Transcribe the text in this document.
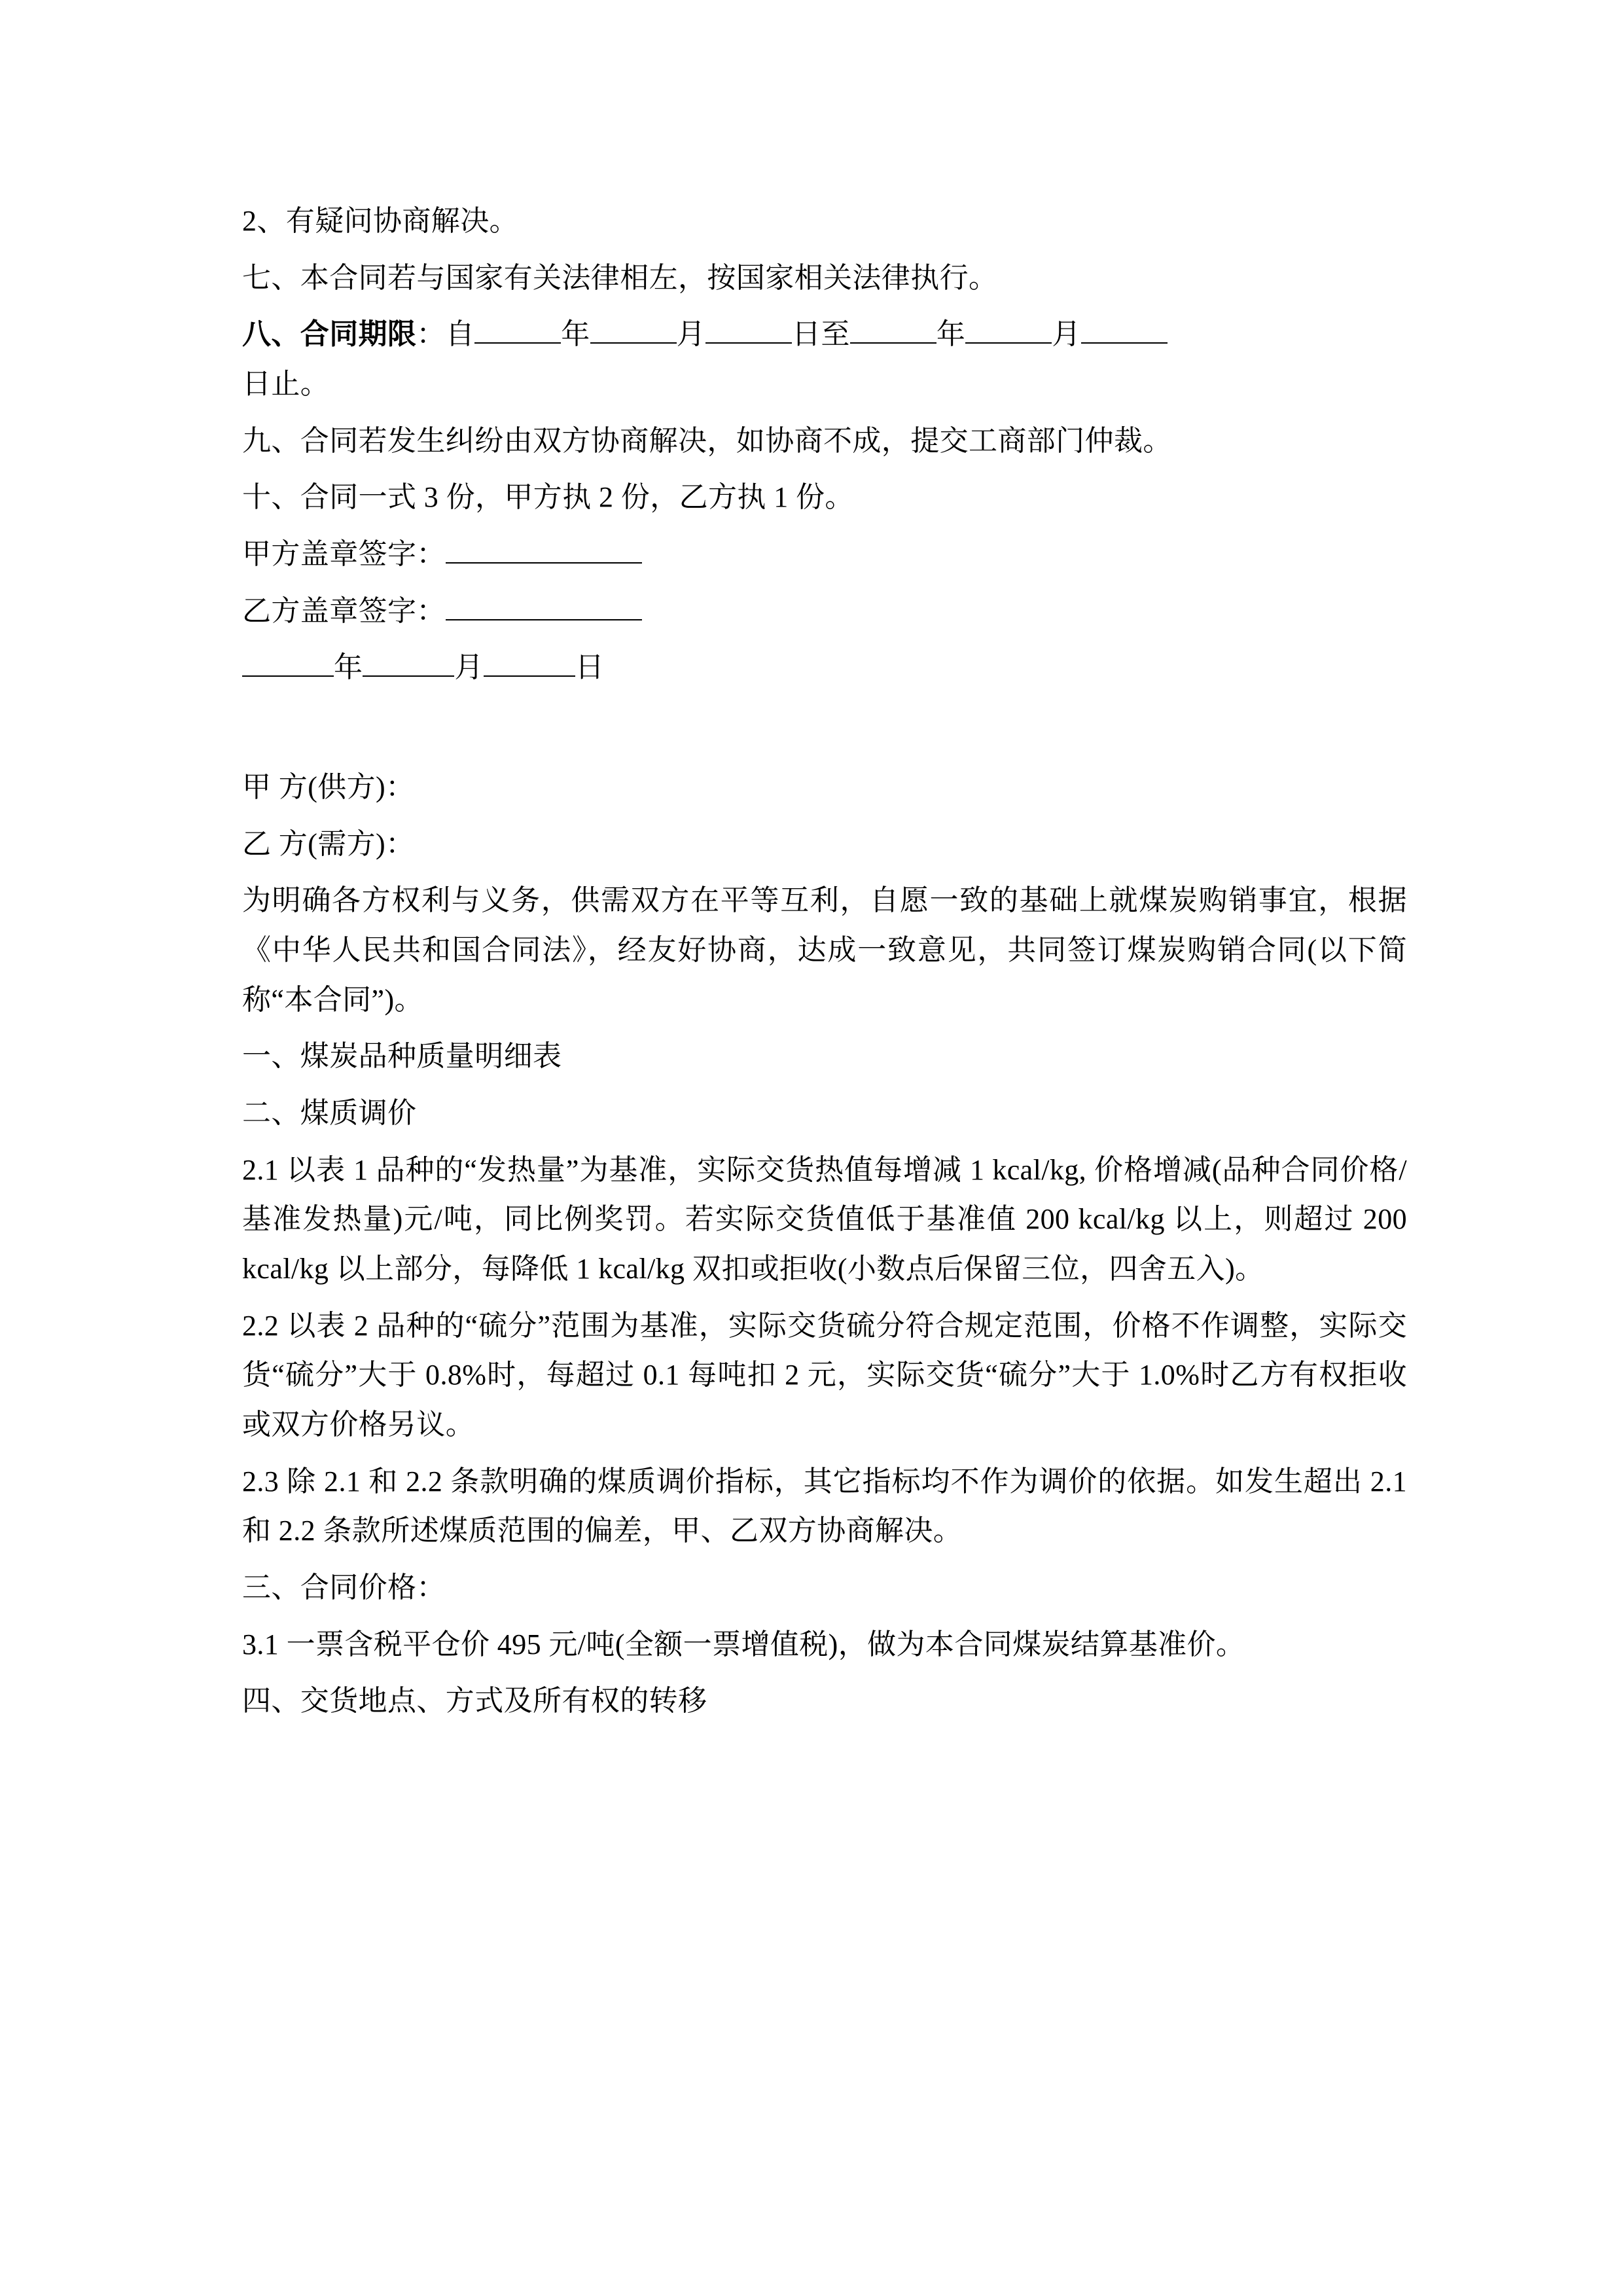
2、有疑问协商解决。

七、本合同若与国家有关法律相左，按国家相关法律执行。

八、合同期限：自	年	月	日至	年	月
日止。

九、合同若发生纠纷由双方协商解决，如协商不成，提交工商部门仲裁。

十、合同一式 3 份，甲方执 2 份，乙方执 1 份。

甲方盖章签字：

乙方盖章签字：

年	月	日

甲 方(供方)：

乙 方(需方)：

为明确各方权利与义务，供需双方在平等互利，自愿一致的基础上就煤炭购销事宜，根据《中华人民共和国合同法》，经友好协商，达成一致意见，共同签订煤炭购销合同(以下简称“本合同”)。

一、煤炭品种质量明细表

二、煤质调价

2.1 以表 1 品种的“发热量”为基准，实际交货热值每增减 1 kcal/kg, 价格增减(品种合同价格/基准发热量)元/吨，同比例奖罚。若实际交货值低于基准值 200 kcal/kg 以上，则超过 200 kcal/kg 以上部分，每降低 1 kcal/kg 双扣或拒收(小数点后保留三位，四舍五入)。

2.2 以表 2 品种的“硫分”范围为基准，实际交货硫分符合规定范围，价格不作调整，实际交货“硫分”大于 0.8%时，每超过 0.1 每吨扣 2 元，实际交货“硫分”大于 1.0%时乙方有权拒收或双方价格另议。

2.3 除 2.1 和 2.2 条款明确的煤质调价指标，其它指标均不作为调价的依据。如发生超出 2.1 和 2.2 条款所述煤质范围的偏差，甲、乙双方协商解决。

三、合同价格：

3.1 一票含税平仓价 495 元/吨(全额一票增值税)，做为本合同煤炭结算基准价。

四、交货地点、方式及所有权的转移
